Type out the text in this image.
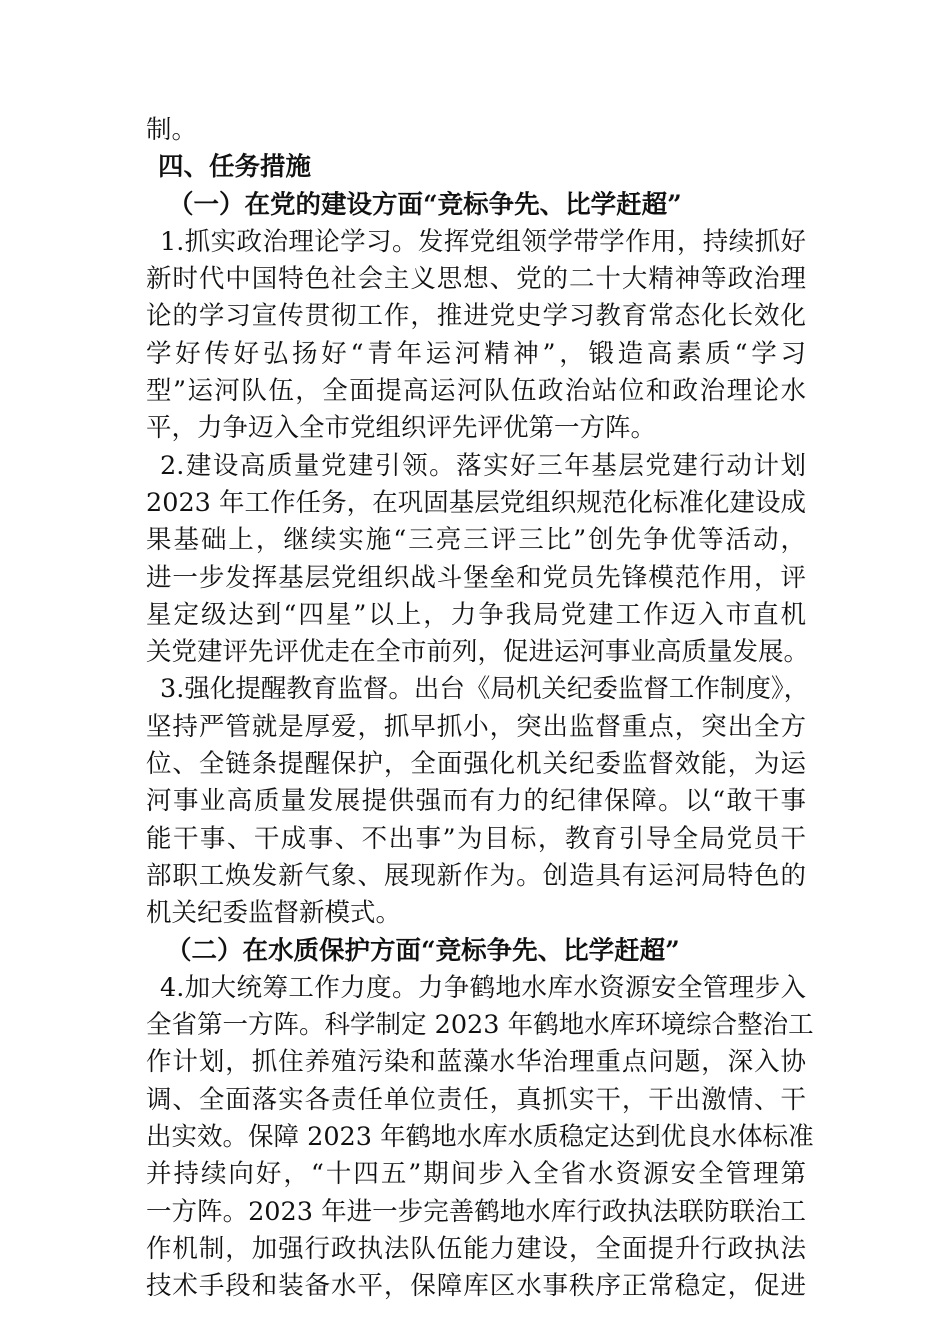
制。
四、任务措施
（一）在党的建设方面“竞标争先、比学赶超”
1.抓实政治理论学习。发挥党组领学带学作用，持续抓好
新时代中国特色社会主义思想、党的二十大精神等政治理
论的学习宣传贯彻工作，推进党史学习教育常态化长效化
学好传好弘扬好“青年运河精神”，锻造高素质“学习
型”运河队伍，全面提高运河队伍政治站位和政治理论水
平，力争迈入全市党组织评先评优第一方阵。
2.建设高质量党建引领。落实好三年基层党建行动计划
2023 年工作任务，在巩固基层党组织规范化标准化建设成
果基础上，继续实施“三亮三评三比”创先争优等活动，
进一步发挥基层党组织战斗堡垒和党员先锋模范作用，评
星定级达到“四星”以上，力争我局党建工作迈入市直机
关党建评先评优走在全市前列，促进运河事业高质量发展。
3.强化提醒教育监督。出台《局机关纪委监督工作制度》，
坚持严管就是厚爱，抓早抓小，突出监督重点，突出全方
位、全链条提醒保护，全面强化机关纪委监督效能，为运
河事业高质量发展提供强而有力的纪律保障。以“敢干事
能干事、干成事、不出事”为目标，教育引导全局党员干
部职工焕发新气象、展现新作为。创造具有运河局特色的
机关纪委监督新模式。
（二）在水质保护方面“竞标争先、比学赶超”
4.加大统筹工作力度。力争鹤地水库水资源安全管理步入
全省第一方阵。科学制定 2023 年鹤地水库环境综合整治工
作计划，抓住养殖污染和蓝藻水华治理重点问题，深入协
调、全面落实各责任单位责任，真抓实干，干出激情、干
出实效。保障 2023 年鹤地水库水质稳定达到优良水体标准
并持续向好，“十四五”期间步入全省水资源安全管理第
一方阵。2023 年进一步完善鹤地水库行政执法联防联治工
作机制，加强行政执法队伍能力建设，全面提升行政执法
技术手段和装备水平，保障库区水事秩序正常稳定，促进
